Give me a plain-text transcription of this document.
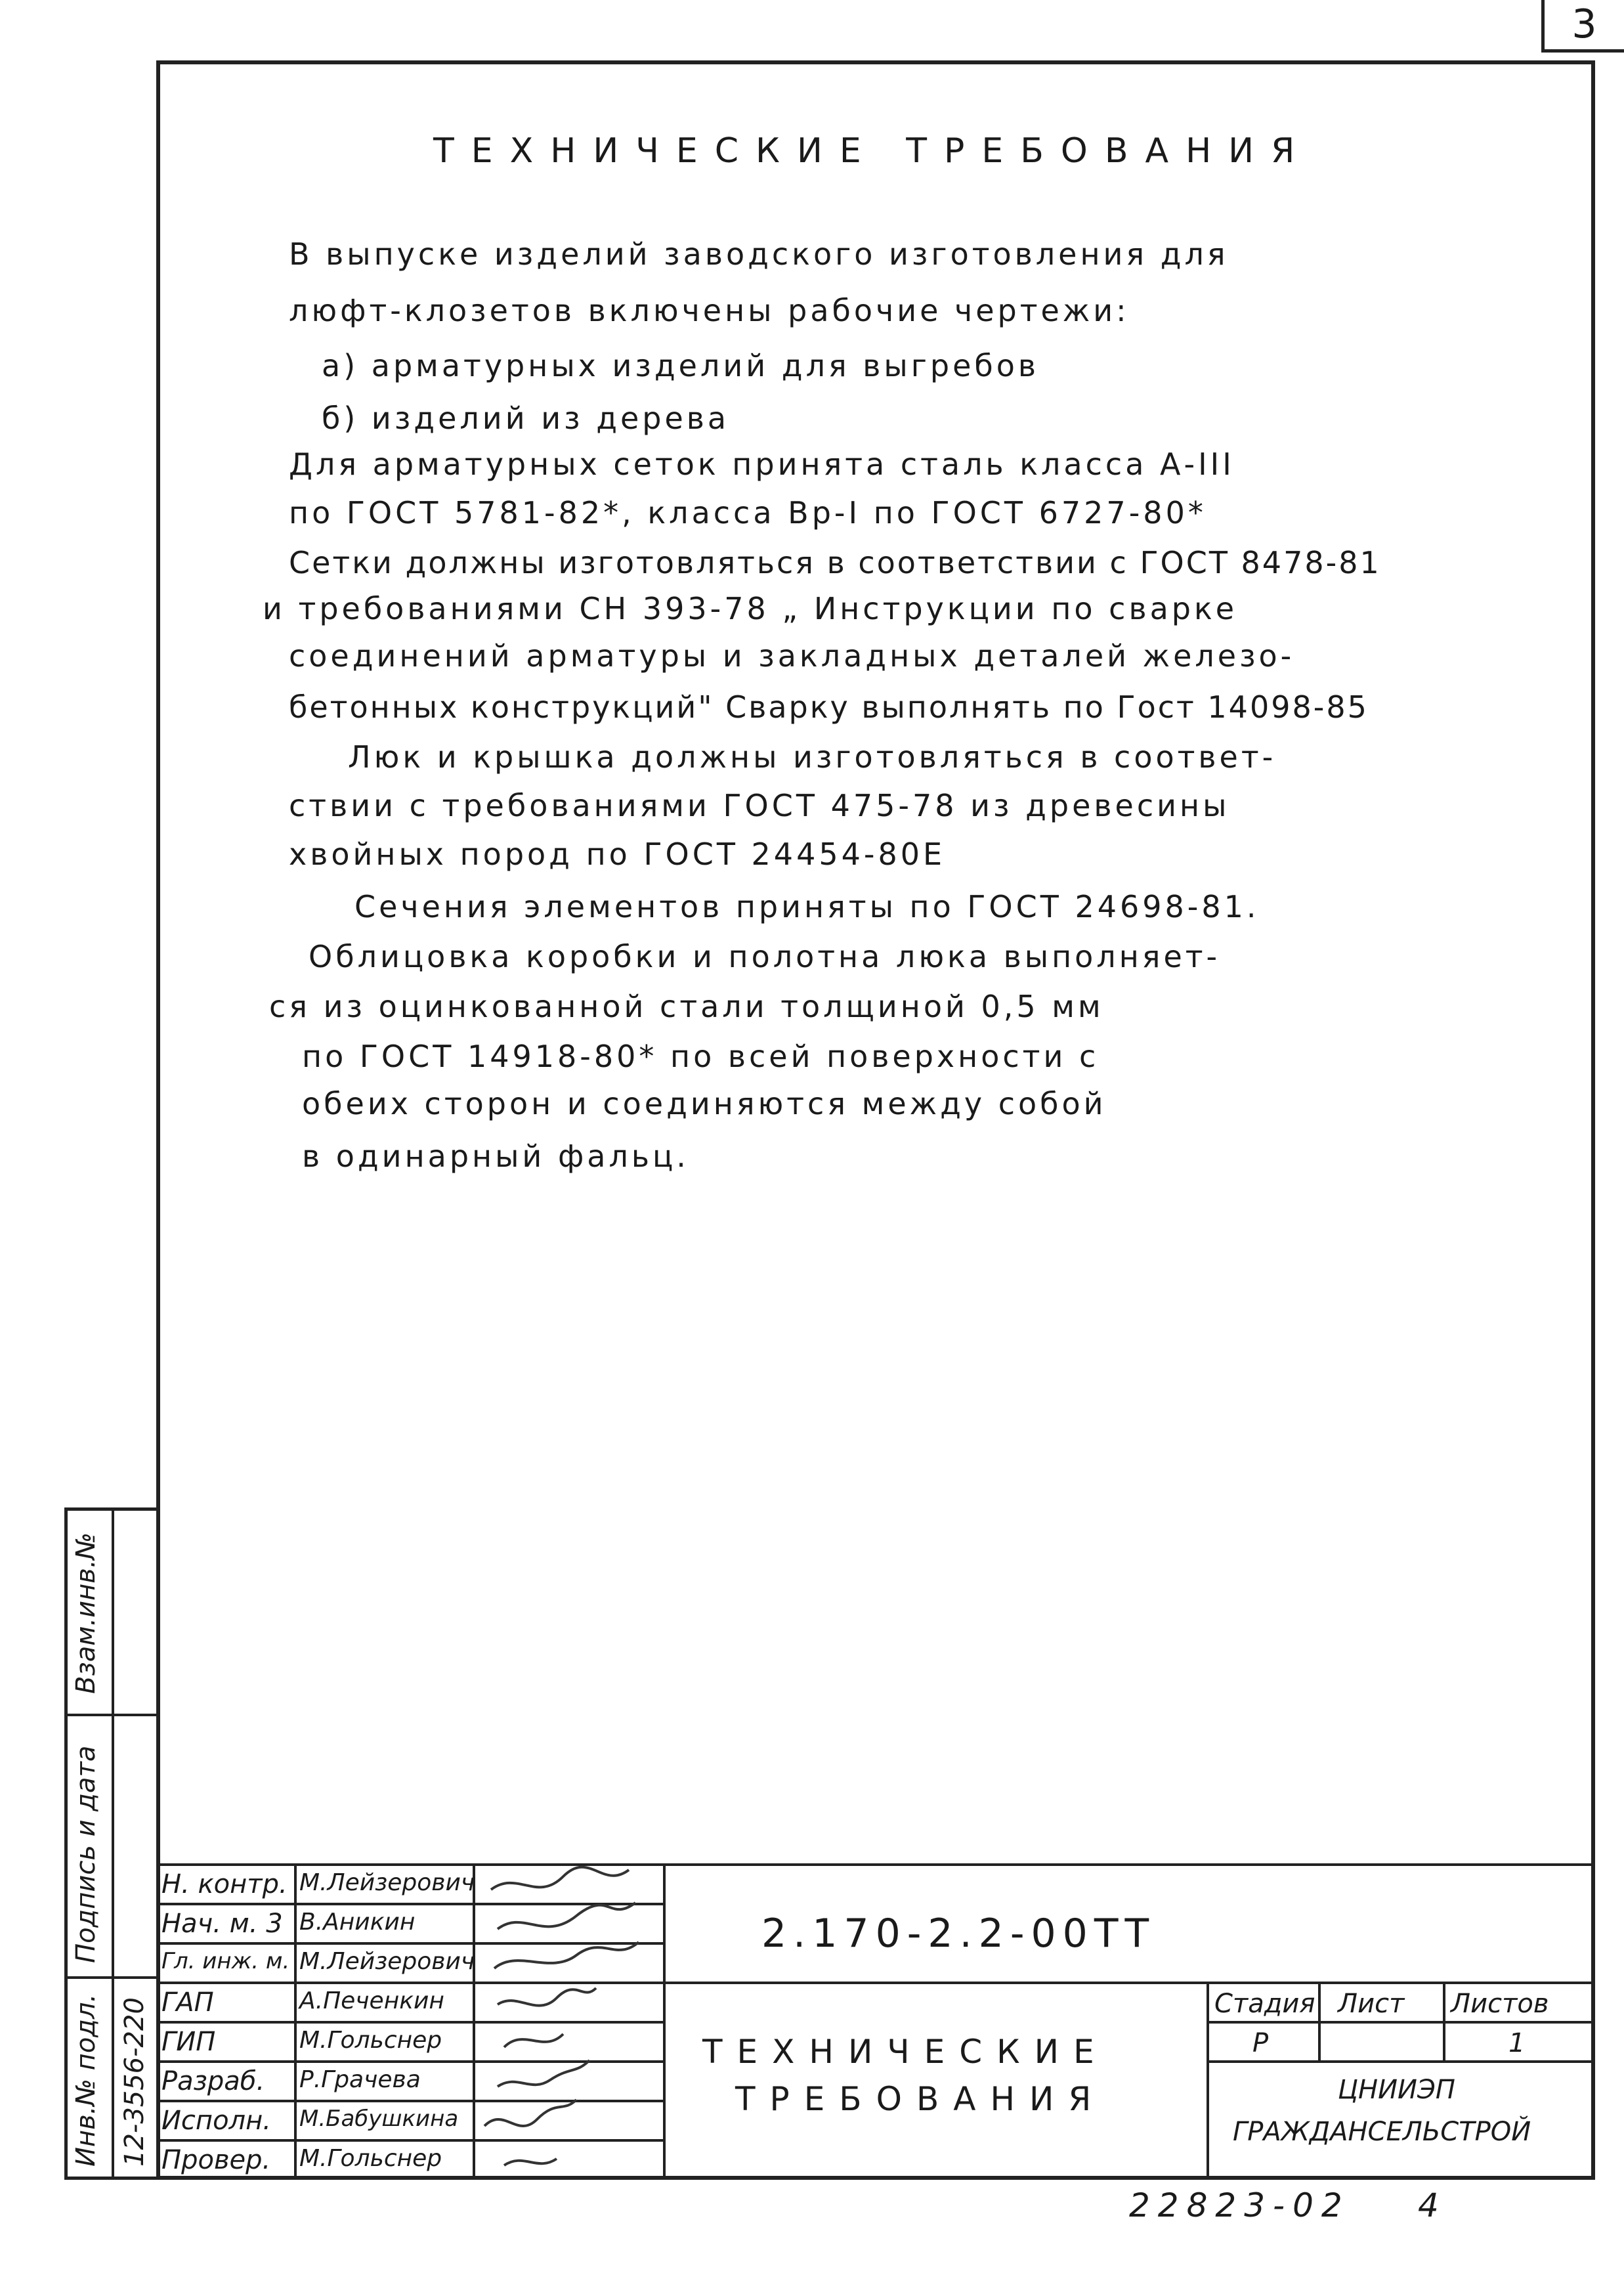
3
ТЕХНИЧЕСКИЕ ТРЕБОВАНИЯ
В выпуске изделий заводского изготовления для
люфт-клозетов включены рабочие чертежи:
а) арматурных изделий для выгребов
б) изделий из дерева
Для арматурных сеток принята сталь класса А-III
по ГОСТ 5781-82*, класса Вр-I по ГОСТ 6727-80*
Сетки должны изготовляться в соответствии с ГОСТ 8478-81
и требованиями СН 393-78 „ Инструкции по сварке
соединений арматуры и закладных деталей железо-
бетонных конструкций" Сварку выполнять по Гост 14098-85
Люк и крышка должны изготовляться в соответ-
ствии с требованиями ГОСТ 475-78 из древесины
хвойных пород по ГОСТ 24454-80Е
Сечения элементов приняты по ГОСТ 24698-81.
Облицовка коробки и полотна люка выполняет-
ся из оцинкованной стали толщиной 0,5 мм
по ГОСТ 14918-80* по всей поверхности с
обеих сторон и соединяются между собой
в одинарный фальц.
Взам.инв.№
Подпись и дата
Инв.№ подл. 12-3556-220
Н. контр.
Нач. м. 3
Гл. инж. м.
ГАП
ГИП
Разраб.
Исполн.
Провер.
М.Лейзерович
В.Аникин
М.Лейзерович
А.Печенкин
М.Гольснер
Р.Грачева
М.Бабушкина
М.Гольснер
2.170-2.2-00ТТ
ТЕХНИЧЕСКИЕ
ТРЕБОВАНИЯ
Стадия Лист Листов
Р	1
ЦНИИЭП
ГРАЖДАНСЕЛЬСТРОЙ
22823-02 4
